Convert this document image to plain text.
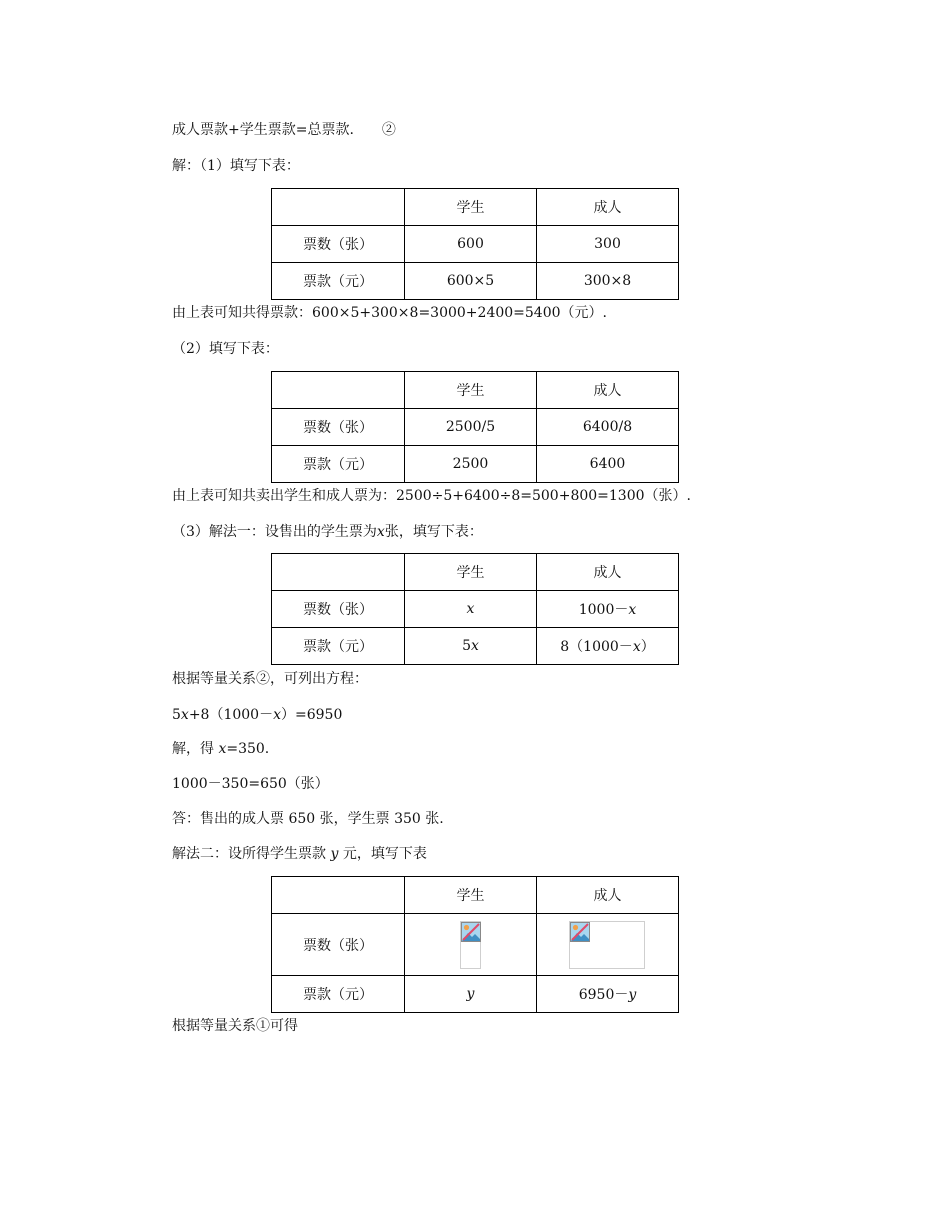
成人票款+学生票款=总票款.　　②
解：（1）填写下表：
	学生	成人
票数（张）	600	300
票款（元）	600×5	300×8
由上表可知共得票款：600×5+300×8=3000+2400=5400（元）.
（2）填写下表：
	学生	成人
票数（张）	2500/5	6400/8
票款（元）	2500	6400
由上表可知共卖出学生和成人票为：2500÷5+6400÷8=500+800=1300（张）.
（3）解法一：设售出的学生票为x张，填写下表：
	学生	成人
票数（张）	x	1000－x
票款（元）	5x	8（1000－x）
根据等量关系②，可列出方程：
5x+8（1000－x）=6950
解，得 x=350.
1000－350=650（张）
答：售出的成人票 650 张，学生票 350 张.
解法二：设所得学生票款 y 元，填写下表
	学生	成人
票数（张）	

票款（元）	y	6950－y
根据等量关系①可得
